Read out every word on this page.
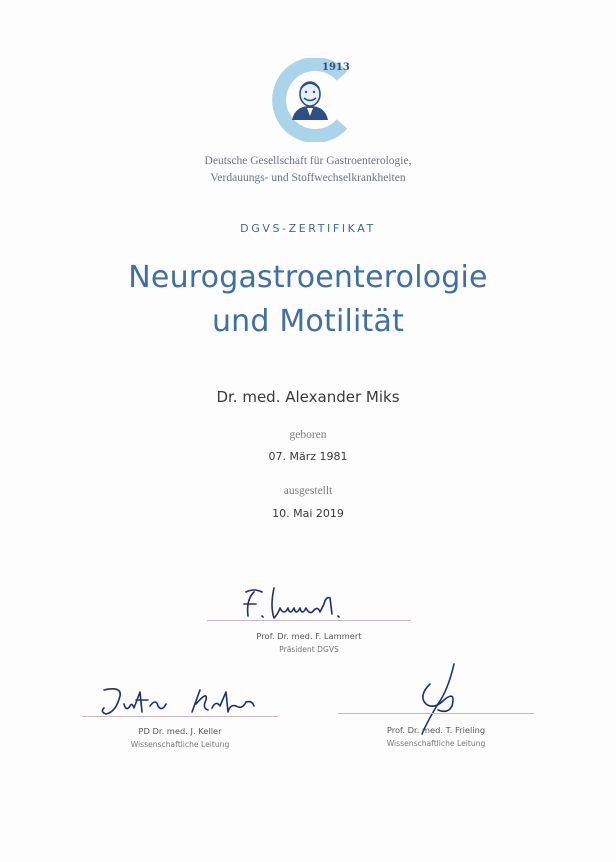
1913
Deutsche Gesellschaft für Gastroenterologie,
Verdauungs- und Stoffwechselkrankheiten
DGVS-ZERTIFIKAT
Neurogastroenterologie
und Motilität
Dr. med. Alexander Miks
geboren
07. März 1981
ausgestellt
10. Mai 2019
Prof. Dr. med. F. Lammert
Präsident DGVS
PD Dr. med. J. Keller
Wissenschaftliche Leitung
Prof. Dr. med. T. Frieling
Wissenschaftliche Leitung
